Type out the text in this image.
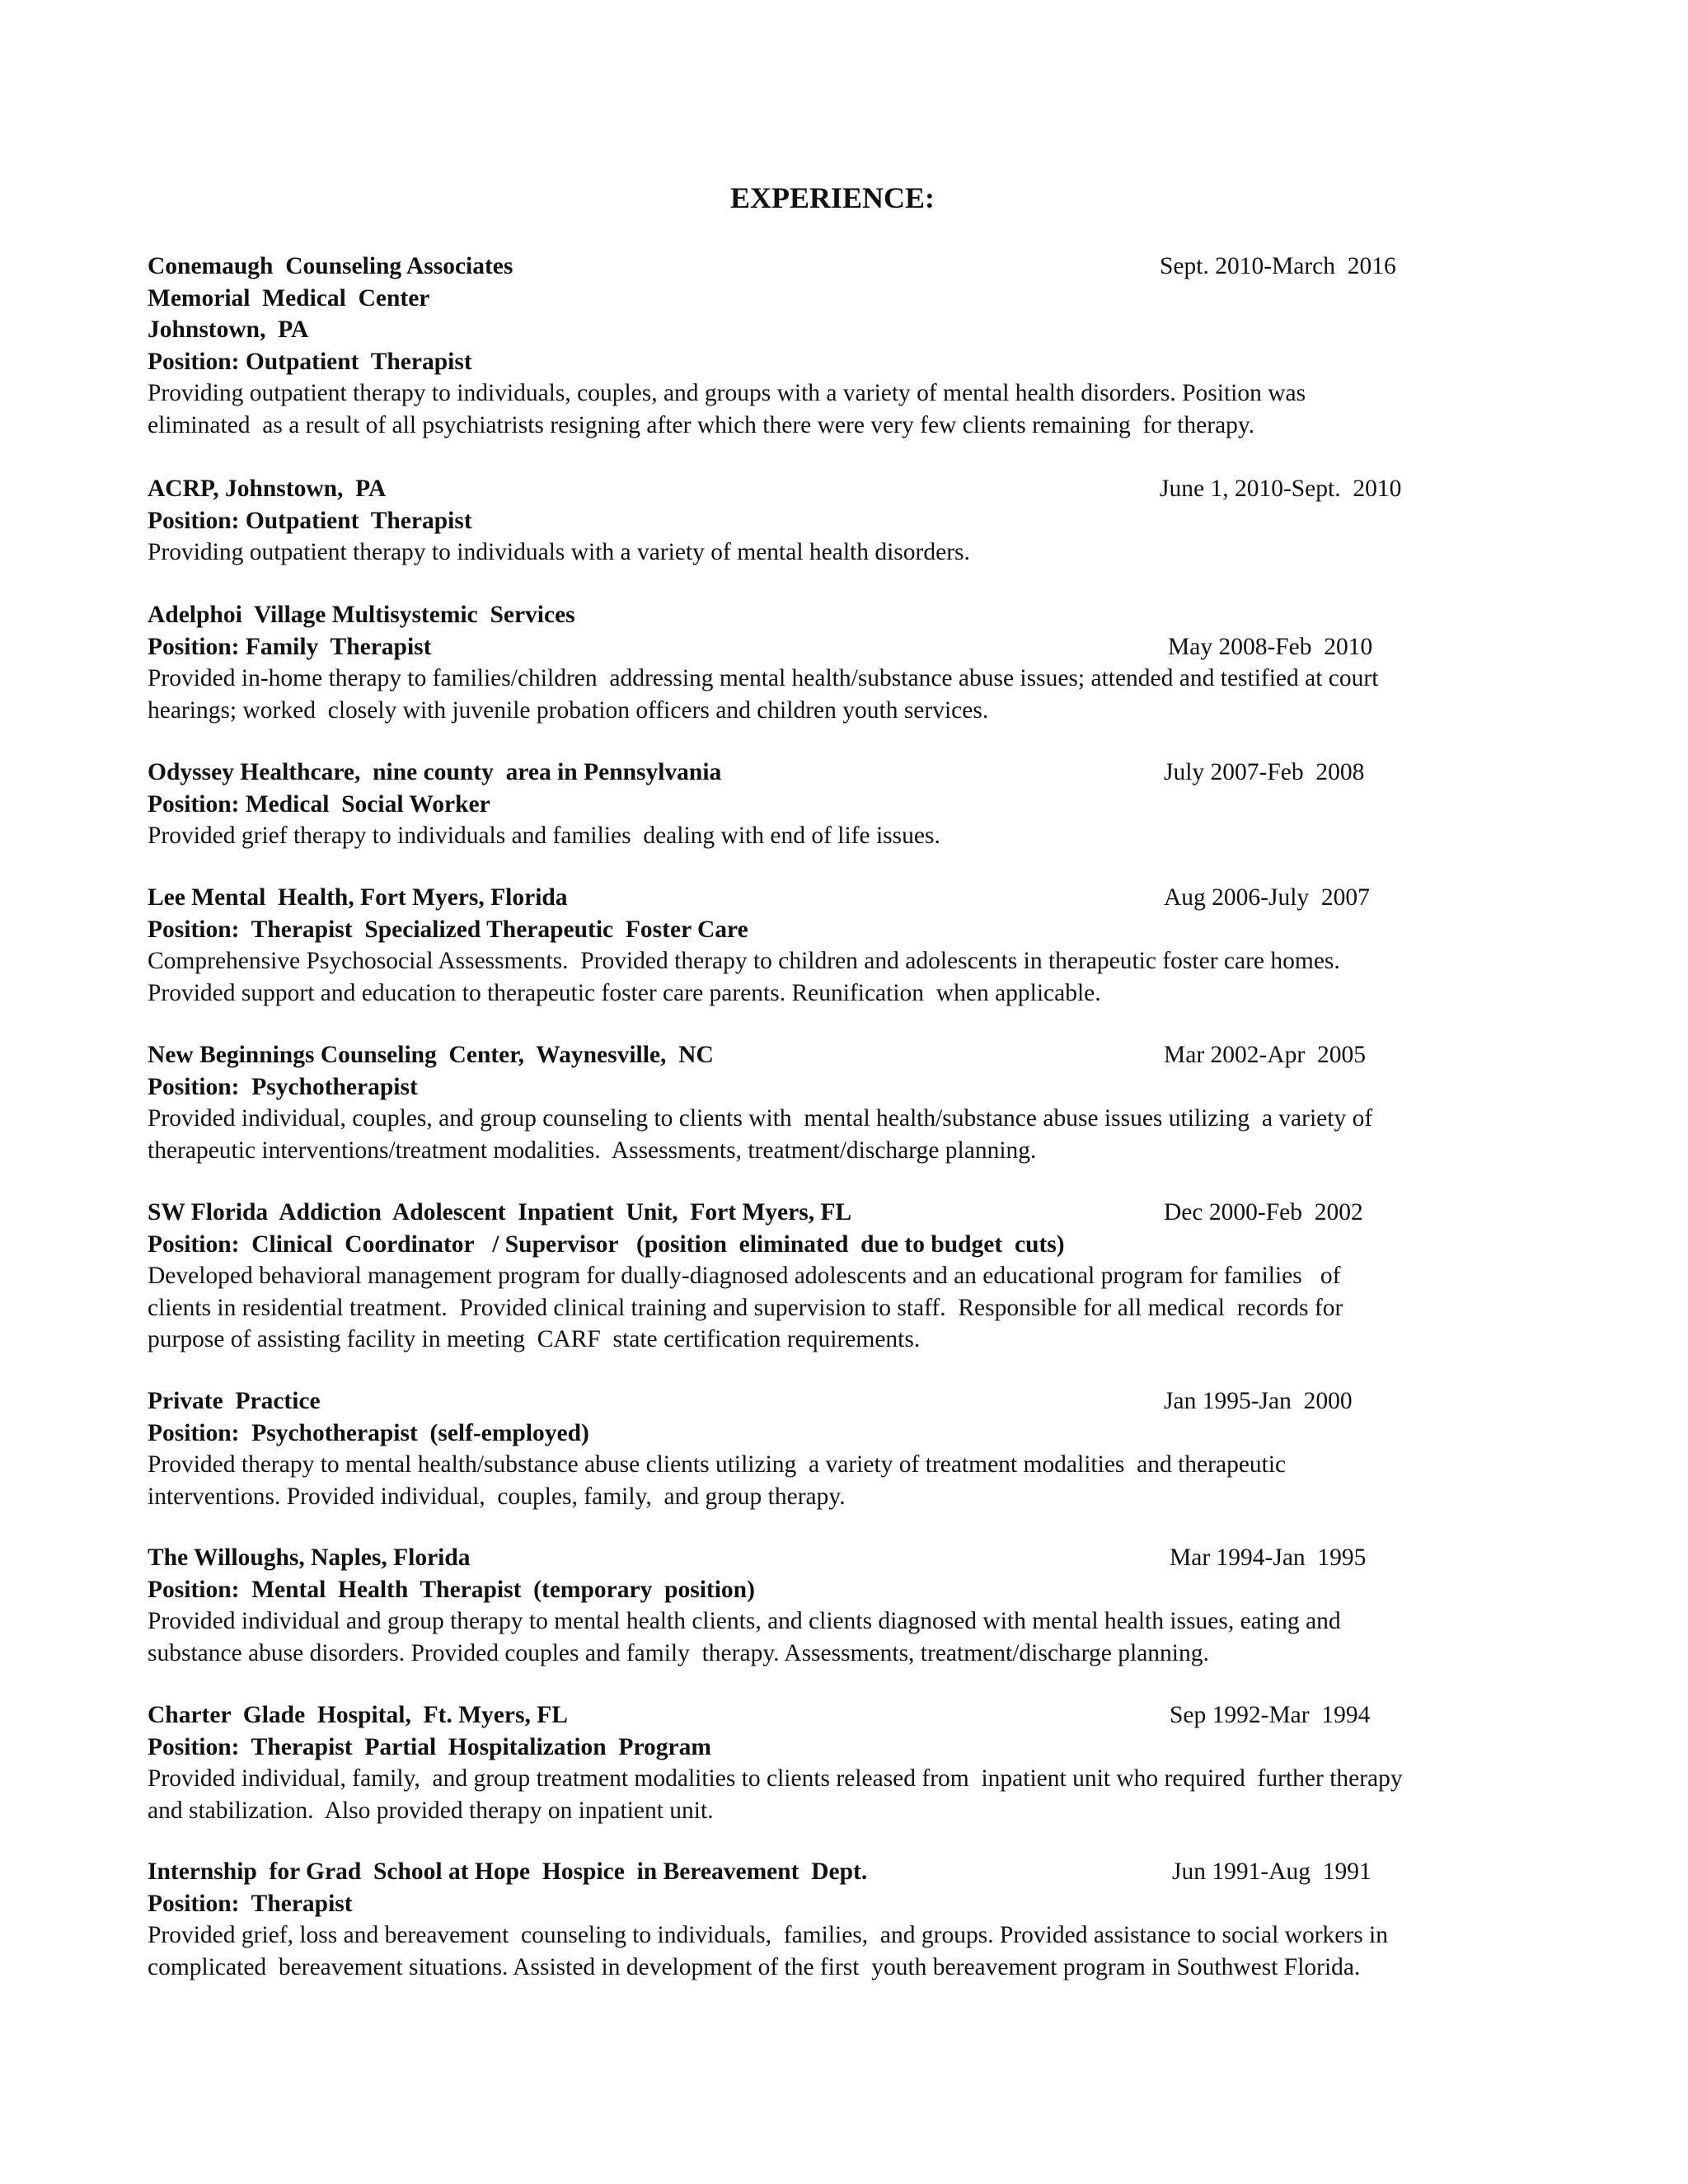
EXPERIENCE:
Conemaugh  Counseling Associates	Sept. 2010-March  2016
Memorial  Medical  Center
Johnstown,  PA
Position: Outpatient  Therapist
Providing outpatient therapy to individuals, couples, and groups with a variety of mental health disorders. Position was
eliminated  as a result of all psychiatrists resigning after which there were very few clients remaining  for therapy.
ACRP, Johnstown,  PA	June 1, 2010-Sept.  2010
Position: Outpatient  Therapist
Providing outpatient therapy to individuals with a variety of mental health disorders.
Adelphoi  Village Multisystemic  Services
Position: Family  Therapist	May 2008-Feb  2010
Provided in-home therapy to families/children  addressing mental health/substance abuse issues; attended and testified at court
hearings; worked  closely with juvenile probation officers and children youth services.
Odyssey Healthcare,  nine county  area in Pennsylvania	July 2007-Feb  2008
Position: Medical  Social Worker
Provided grief therapy to individuals and families  dealing with end of life issues.
Lee Mental  Health, Fort Myers, Florida	Aug 2006-July  2007
Position:  Therapist  Specialized Therapeutic  Foster Care
Comprehensive Psychosocial Assessments.  Provided therapy to children and adolescents in therapeutic foster care homes.
Provided support and education to therapeutic foster care parents. Reunification  when applicable.
New Beginnings Counseling  Center,  Waynesville,  NC	Mar 2002-Apr  2005
Position:  Psychotherapist
Provided individual, couples, and group counseling to clients with  mental health/substance abuse issues utilizing  a variety of
therapeutic interventions/treatment modalities.  Assessments, treatment/discharge planning.
SW Florida  Addiction  Adolescent  Inpatient  Unit,  Fort Myers, FL	Dec 2000-Feb  2002
Position:  Clinical  Coordinator   / Supervisor   (position  eliminated  due to budget  cuts)
Developed behavioral management program for dually-diagnosed adolescents and an educational program for families   of
clients in residential treatment.  Provided clinical training and supervision to staff.  Responsible for all medical  records for
purpose of assisting facility in meeting  CARF  state certification requirements.
Private  Practice	Jan 1995-Jan  2000
Position:  Psychotherapist  (self-employed)
Provided therapy to mental health/substance abuse clients utilizing  a variety of treatment modalities  and therapeutic
interventions. Provided individual,  couples, family,  and group therapy.
The Willoughs, Naples, Florida	Mar 1994-Jan  1995
Position:  Mental  Health  Therapist  (temporary  position)
Provided individual and group therapy to mental health clients, and clients diagnosed with mental health issues, eating and
substance abuse disorders. Provided couples and family  therapy. Assessments, treatment/discharge planning.
Charter  Glade  Hospital,  Ft. Myers, FL	Sep 1992-Mar  1994
Position:  Therapist  Partial  Hospitalization  Program
Provided individual, family,  and group treatment modalities to clients released from  inpatient unit who required  further therapy
and stabilization.  Also provided therapy on inpatient unit.
Internship  for Grad  School at Hope  Hospice  in Bereavement  Dept.	Jun 1991-Aug  1991
Position:  Therapist
Provided grief, loss and bereavement  counseling to individuals,  families,  and groups. Provided assistance to social workers in
complicated  bereavement situations. Assisted in development of the first  youth bereavement program in Southwest Florida.
